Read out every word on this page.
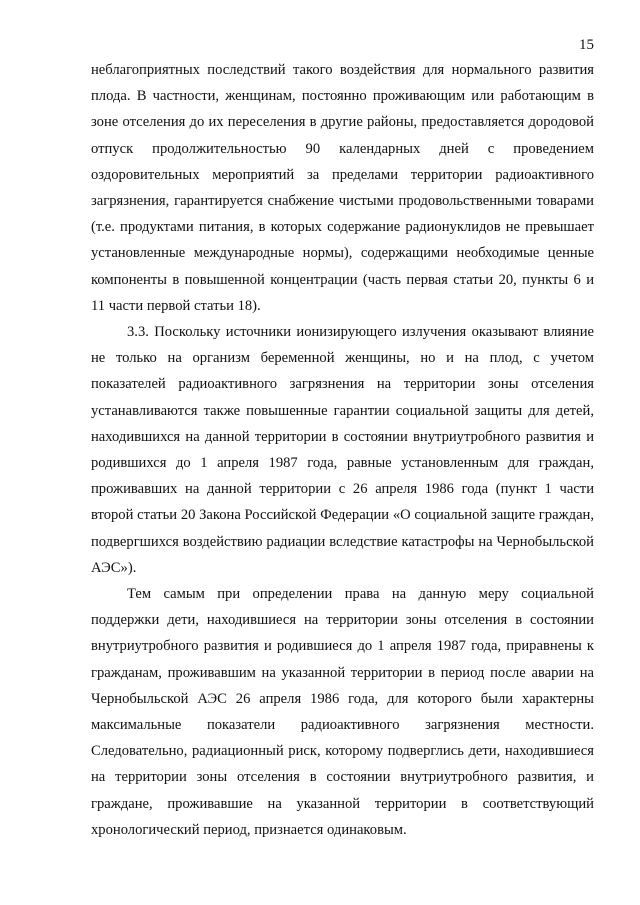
15

неблагоприятных последствий такого воздействия для нормального развития плода. В частности, женщинам, постоянно проживающим или работающим в зоне отселения до их переселения в другие районы, предоставляется дородовой отпуск продолжительностью 90 календарных дней с проведением оздоровительных мероприятий за пределами территории радиоактивного загрязнения, гарантируется снабжение чистыми продовольственными товарами (т.е. продуктами питания, в которых содержание радионуклидов не превышает установленные международные нормы), содержащими необходимые ценные компоненты в повышенной концентрации (часть первая статьи 20, пункты 6 и 11 части первой статьи 18).

3.3. Поскольку источники ионизирующего излучения оказывают влияние не только на организм беременной женщины, но и на плод, с учетом показателей радиоактивного загрязнения на территории зоны отселения устанавливаются также повышенные гарантии социальной защиты для детей, находившихся на данной территории в состоянии внутриутробного развития и родившихся до 1 апреля 1987 года, равные установленным для граждан, проживавших на данной территории с 26 апреля 1986 года (пункт 1 части второй статьи 20 Закона Российской Федерации «О социальной защите граждан, подвергшихся воздействию радиации вследствие катастрофы на Чернобыльской АЭС»).

Тем самым при определении права на данную меру социальной поддержки дети, находившиеся на территории зоны отселения в состоянии внутриутробного развития и родившиеся до 1 апреля 1987 года, приравнены к гражданам, проживавшим на указанной территории в период после аварии на Чернобыльской АЭС 26 апреля 1986 года, для которого были характерны максимальные показатели радиоактивного загрязнения местности. Следовательно, радиационный риск, которому подверглись дети, находившиеся на территории зоны отселения в состоянии внутриутробного развития, и граждане, проживавшие на указанной территории в соответствующий хронологический период, признается одинаковым.
